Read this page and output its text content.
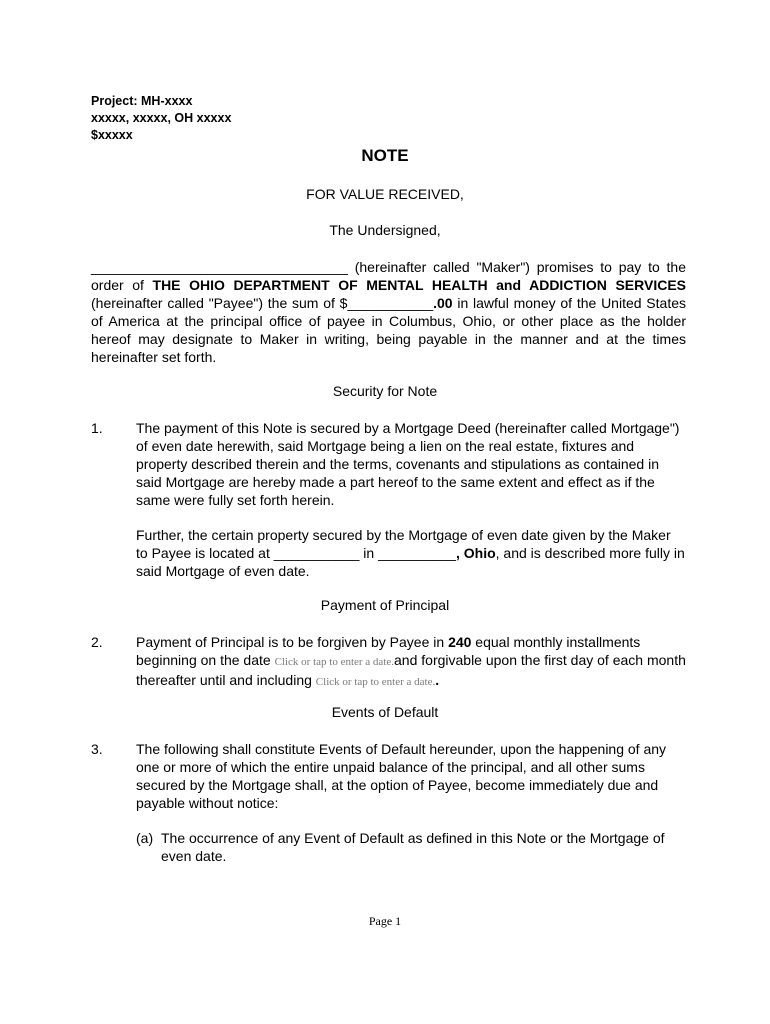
Project: MH-xxxx
xxxxx, xxxxx, OH xxxxx
$xxxxx
NOTE
FOR VALUE RECEIVED,
The Undersigned,
_________________________________ (hereinafter called "Maker") promises to pay to the order of THE OHIO DEPARTMENT OF MENTAL HEALTH and ADDICTION SERVICES (hereinafter called "Payee") the sum of $___________.00 in lawful money of the United States of America at the principal office of payee in Columbus, Ohio, or other place as the holder hereof may designate to Maker in writing, being payable in the manner and at the times hereinafter set forth.
Security for Note
1. The payment of this Note is secured by a Mortgage Deed (hereinafter called Mortgage") of even date herewith, said Mortgage being a lien on the real estate, fixtures and property described therein and the terms, covenants and stipulations as contained in said Mortgage are hereby made a part hereof to the same extent and effect as if the same were fully set forth herein.
Further, the certain property secured by the Mortgage of even date given by the Maker to Payee is located at ___________ in __________, Ohio, and is described more fully in said Mortgage of even date.
Payment of Principal
2. Payment of Principal is to be forgiven by Payee in 240 equal monthly installments beginning on the date Click or tap to enter a date.and forgivable upon the first day of each month thereafter until and including Click or tap to enter a date..
Events of Default
3. The following shall constitute Events of Default hereunder, upon the happening of any one or more of which the entire unpaid balance of the principal, and all other sums secured by the Mortgage shall, at the option of Payee, become immediately due and payable without notice:
(a) The occurrence of any Event of Default as defined in this Note or the Mortgage of even date.
Page 1
